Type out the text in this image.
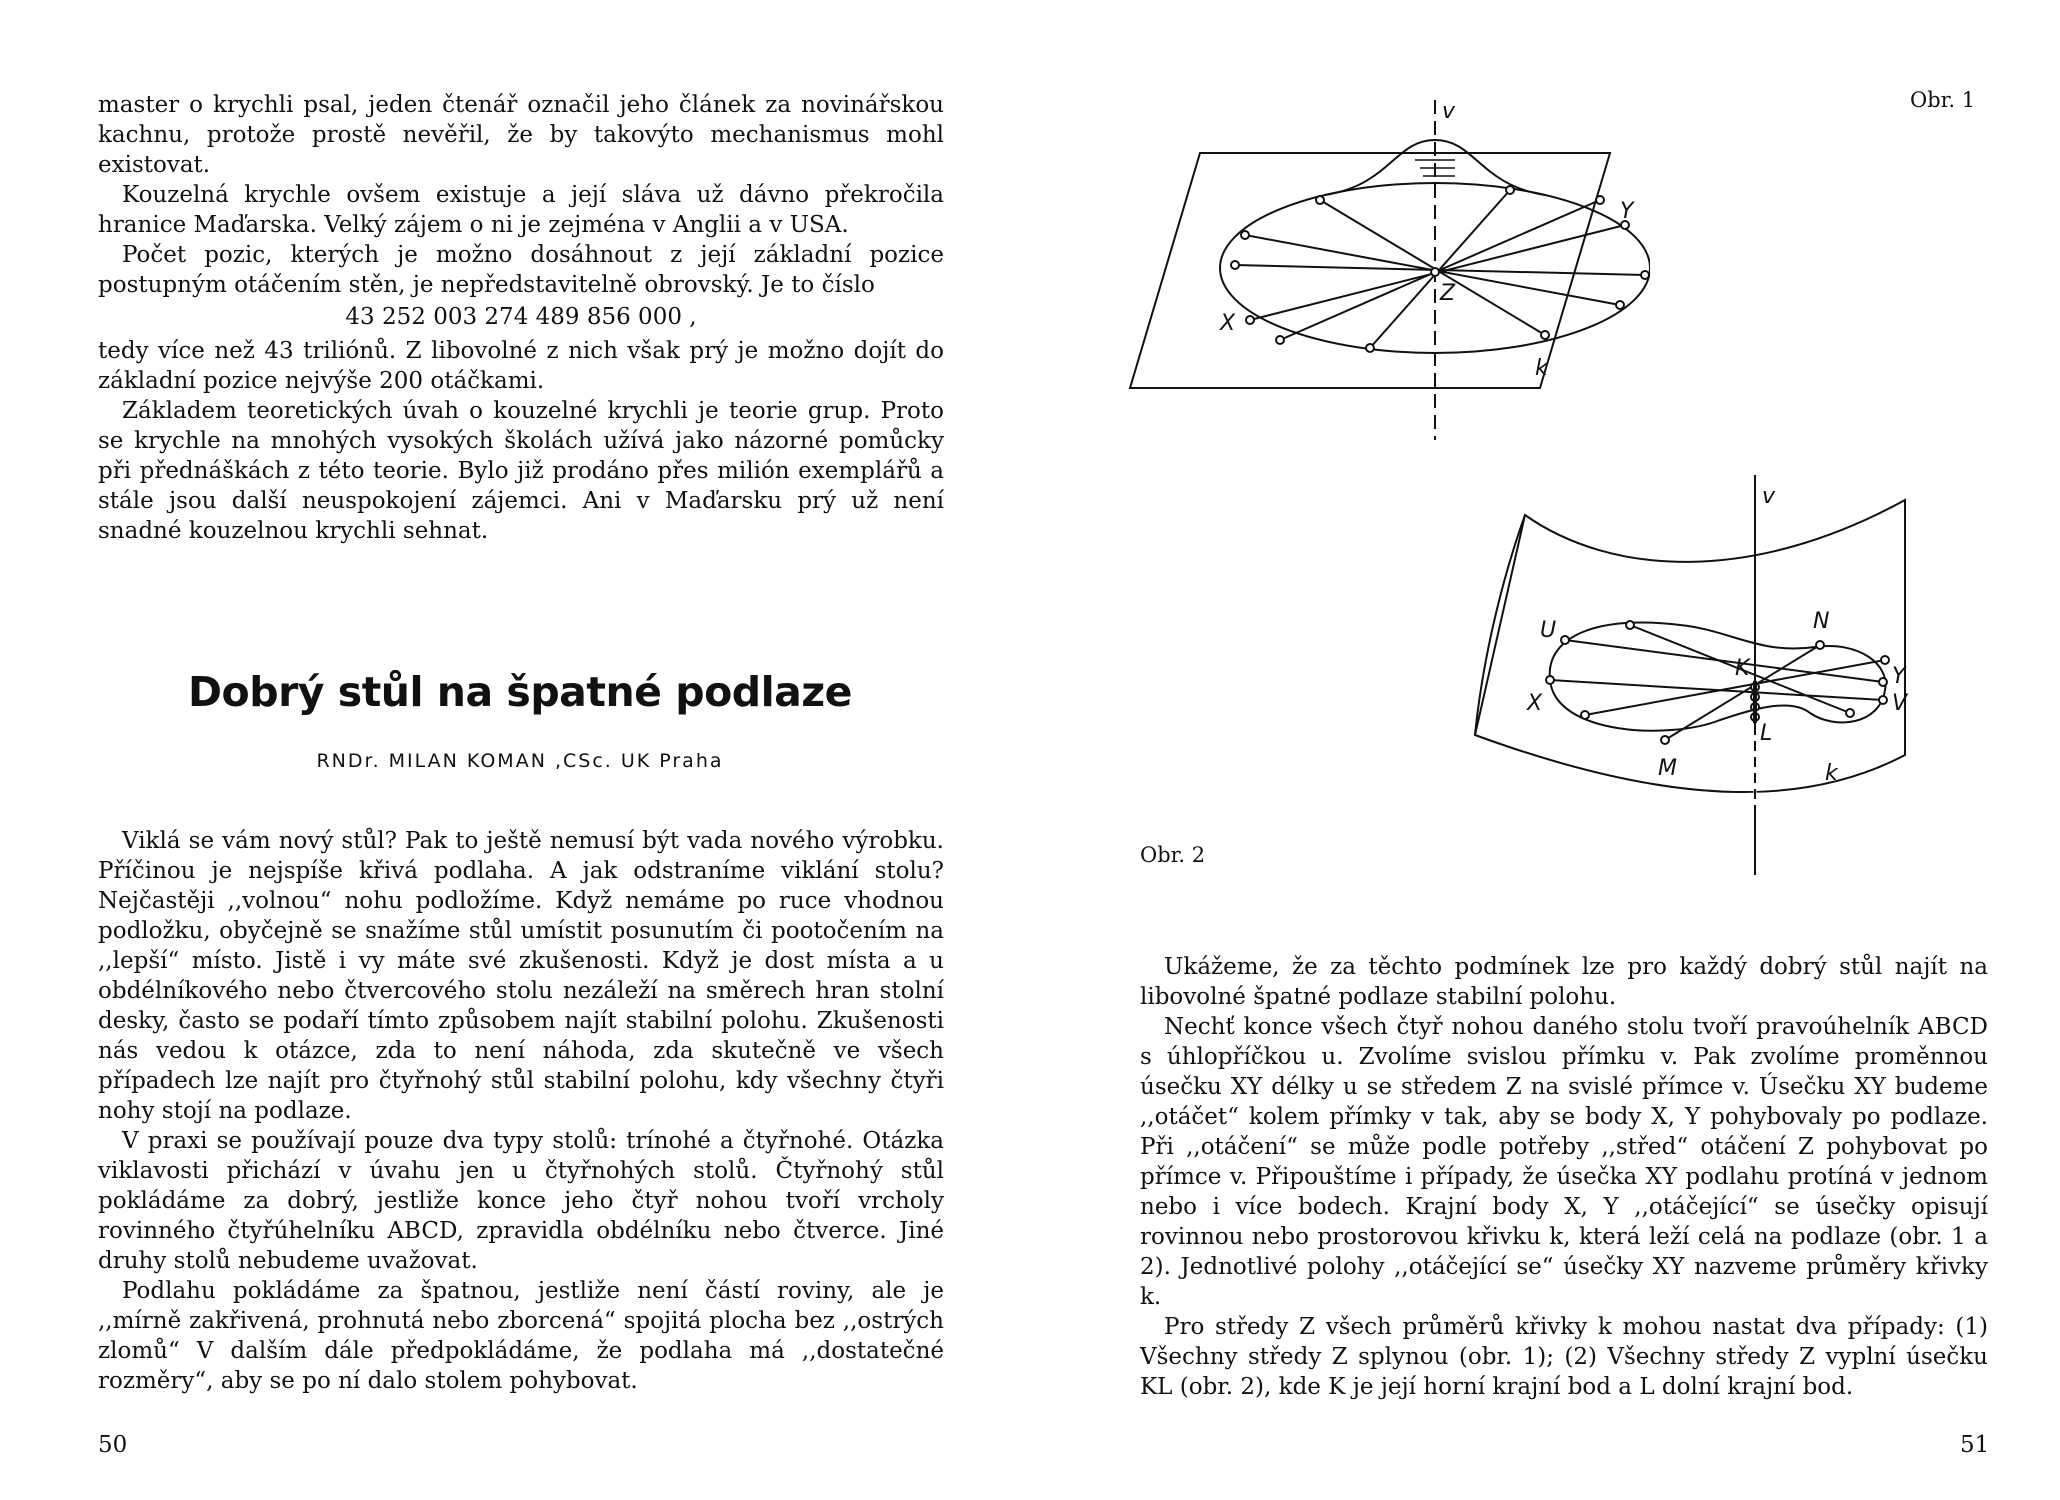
master o krychli psal, jeden čtenář označil jeho článek za novinářskou kachnu, protože prostě nevěřil, že by takovýto mechanismus mohl existovat.

Kouzelná krychle ovšem existuje a její sláva už dávno překročila hranice Maďarska. Velký zájem o ni je zejména v Anglii a v USA.

Počet pozic, kterých je možno dosáhnout z její základní pozice postupným otáčením stěn, je nepředstavitelně obrovský. Je to číslo

43 252 003 274 489 856 000 ,

tedy více než 43 triliónů. Z libovolné z nich však prý je možno dojít do základní pozice nejvýše 200 otáčkami.

Základem teoretických úvah o kouzelné krychli je teorie grup. Proto se krychle na mnohých vysokých školách užívá jako názorné pomůcky při přednáškách z této teorie. Bylo již prodáno přes milión exemplářů a stále jsou další neuspokojení zájemci. Ani v Maďarsku prý už není snadné kouzelnou krychli sehnat.

Dobrý stůl na špatné podlaze

RNDr. MILAN KOMAN ,CSc. UK Praha

Viklá se vám nový stůl? Pak to ještě nemusí být vada nového výrobku. Příčinou je nejspíše křivá podlaha. A jak odstraníme viklání stolu? Nejčastěji ,,volnou“ nohu podložíme. Když nemáme po ruce vhodnou podložku, obyčejně se snažíme stůl umístit posunutím či pootočením na ,,lepší“ místo. Jistě i vy máte své zkušenosti. Když je dost místa a u obdélníkového nebo čtvercového stolu nezáleží na směrech hran stolní desky, často se podaří tímto způsobem najít stabilní polohu. Zkušenosti nás vedou k otázce, zda to není náhoda, zda skutečně ve všech případech lze najít pro čtyřnohý stůl stabilní polohu, kdy všechny čtyři nohy stojí na podlaze.

V praxi se používají pouze dva typy stolů: trínohé a čtyřnohé. Otázka viklavosti přichází v úvahu jen u čtyřnohých stolů. Čtyřnohý stůl pokládáme za dobrý, jestliže konce jeho čtyř nohou tvoří vrcholy rovinného čtyřúhelníku ABCD, zpravidla obdélníku nebo čtverce. Jiné druhy stolů nebudeme uvažovat.

Podlahu pokládáme za špatnou, jestliže není částí roviny, ale je ,,mírně zakřivená, prohnutá nebo zborcená“ spojitá plocha bez ,,ostrých zlomů“ V dalším dále předpokládáme, že podlaha má ,,dostatečné rozměry“, aby se po ní dalo stolem pohybovat.

50
Obr. 1
v
Y
Z
X
k
v
U
K
N
Y
X	V
L
M	k
Obr. 2

Ukážeme, že za těchto podmínek lze pro každý dobrý stůl najít na libovolné špatné podlaze stabilní polohu.

Nechť konce všech čtyř nohou daného stolu tvoří pravoúhelník ABCD s úhlopříčkou u. Zvolíme svislou přímku v. Pak zvolíme proměnnou úsečku XY délky u se středem Z na svislé přímce v. Úsečku XY budeme ,,otáčet“ kolem přímky v tak, aby se body X, Y pohybovaly po podlaze. Při ,,otáčení“ se může podle potřeby ,,střed“ otáčení Z pohybovat po přímce v. Připouštíme i případy, že úsečka XY podlahu protíná v jednom nebo i více bodech. Krajní body X, Y ,,otáčející“ se úsečky opisují rovinnou nebo prostorovou křivku k, která leží celá na podlaze (obr. 1 a 2). Jednotlivé polohy ,,otáčející se“ úsečky XY nazveme průměry křivky k.

Pro středy Z všech průměrů křivky k mohou nastat dva případy: (1) Všechny středy Z splynou (obr. 1); (2) Všechny středy Z vyplní úsečku KL (obr. 2), kde K je její horní krajní bod a L dolní krajní bod.

51
